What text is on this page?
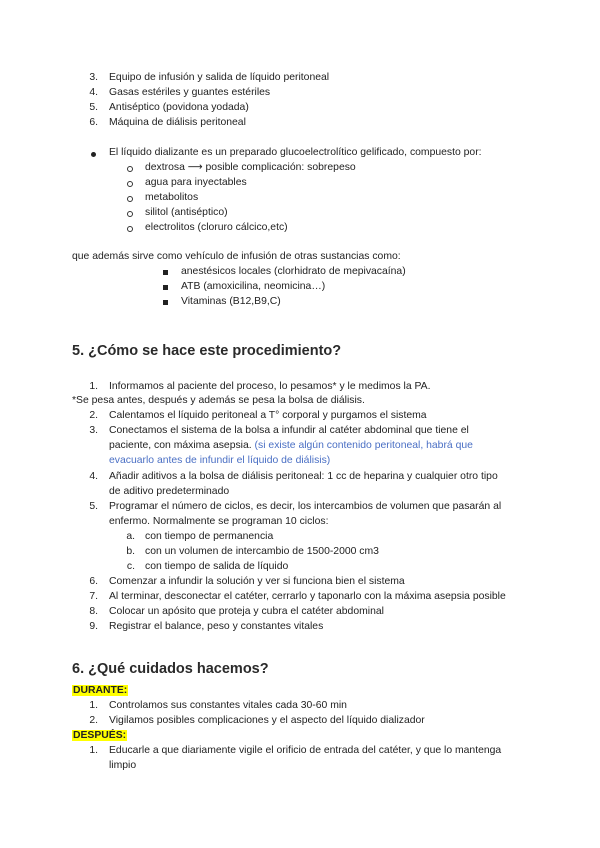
3. Equipo de infusión y salida de líquido peritoneal
4. Gasas estériles y guantes estériles
5. Antiséptico (povidona yodada)
6. Máquina de diálisis peritoneal
El líquido dializante es un preparado glucoelectrolítico gelificado, compuesto por:
dextrosa ⟶ posible complicación: sobrepeso
agua para inyectables
metabolitos
silitol (antiséptico)
electrolitos (cloruro cálcico,etc)
que además sirve como vehículo de infusión de otras sustancias como:
anestésicos locales (clorhidrato de mepivacaína)
ATB (amoxicilina, neomicina…)
Vitaminas (B12,B9,C)
5. ¿Cómo se hace este procedimiento?
1. Informamos al paciente del proceso, lo pesamos* y le medimos la PA.
*Se pesa antes, después y además se pesa la bolsa de diálisis.
2. Calentamos el líquido peritoneal a T° corporal y purgamos el sistema
3. Conectamos el sistema de la bolsa a infundir al catéter abdominal que tiene el
paciente, con máxima asepsia. (si existe algún contenido peritoneal, habrá que
evacuarlo antes de infundir el líquido de diálisis)
4. Añadir aditivos a la bolsa de diálisis peritoneal: 1 cc de heparina y cualquier otro tipo
de aditivo predeterminado
5. Programar el número de ciclos, es decir, los intercambios de volumen que pasarán al
enfermo. Normalmente se programan 10 ciclos:
a. con tiempo de permanencia
b. con un volumen de intercambio de 1500-2000 cm3
c. con tiempo de salida de líquido
6. Comenzar a infundir la solución y ver si funciona bien el sistema
7. Al terminar, desconectar el catéter, cerrarlo y taponarlo con la máxima asepsia posible
8. Colocar un apósito que proteja y cubra el catéter abdominal
9. Registrar el balance, peso y constantes vitales
6. ¿Qué cuidados hacemos?
DURANTE:
1. Controlamos sus constantes vitales cada 30-60 min
2. Vigilamos posibles complicaciones y el aspecto del líquido dializador
DESPUÉS:
1. Educarle a que diariamente vigile el orificio de entrada del catéter, y que lo mantenga
limpio
